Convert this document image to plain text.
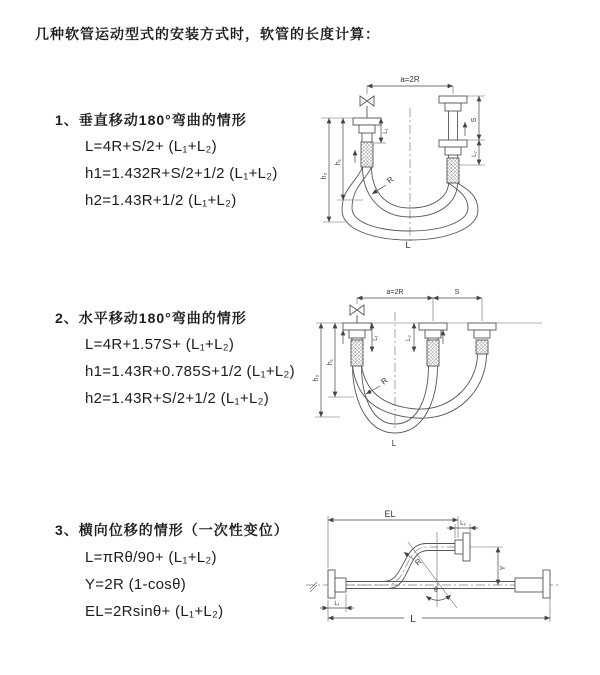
几种软管运动型式的安装方式时，软管的长度计算：
1、垂直移动180°弯曲的情形
L=4R+S/2+ (L₁+L₂)
h1=1.432R+S/2+1/2 (L₁+L₂)
h2=1.43R+1/2 (L₁+L₂)
2、水平移动180°弯曲的情形
L=4R+1.57S+ (L₁+L₂)
h1=1.43R+0.785S+1/2 (L₁+L₂)
h2=1.43R+S/2+1/2 (L₁+L₂)
3、横向位移的情形（一次性变位）
L=πRθ/90+ (L₁+L₂)
Y=2R (1-cosθ)
EL=2Rsinθ+ (L₁+L₂)
a=2R
h₁
h₂
L₁
S
L₂
R
L
a=2R	S
L₁	L₂
h₁
h₂	R
L
EL
L₂
Y
θ
R
L₁
L
